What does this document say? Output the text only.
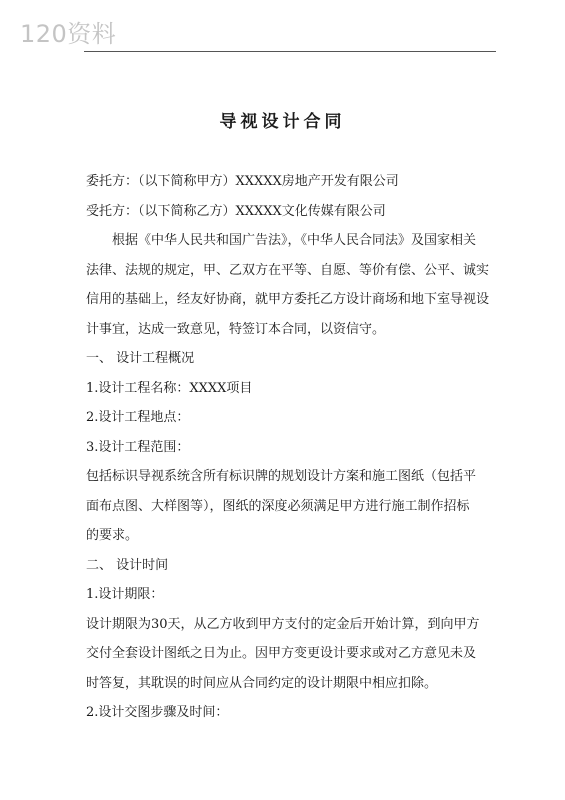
120资料
导视设计合同

委托方：（以下简称甲方）XXXXX房地产开发有限公司

受托方：（以下简称乙方）XXXXX文化传媒有限公司

根据《中华人民共和国广告法》，《中华人民合同法》及国家相关

法律、法规的规定，甲、乙双方在平等、自愿、等价有偿、公平、诚实

信用的基础上，经友好协商，就甲方委托乙方设计商场和地下室导视设

计事宜，达成一致意见，特签订本合同，以资信守。

一、 设计工程概况

1.设计工程名称：XXXX项目

2.设计工程地点：

3.设计工程范围：

包括标识导视系统含所有标识牌的规划设计方案和施工图纸（包括平

面布点图、大样图等），图纸的深度必须满足甲方进行施工制作招标

的要求。

二、 设计时间

1.设计期限：

设计期限为30天，从乙方收到甲方支付的定金后开始计算，到向甲方

交付全套设计图纸之日为止。因甲方变更设计要求或对乙方意见未及

时答复，其耽误的时间应从合同约定的设计期限中相应扣除。

2.设计交图步骤及时间：
